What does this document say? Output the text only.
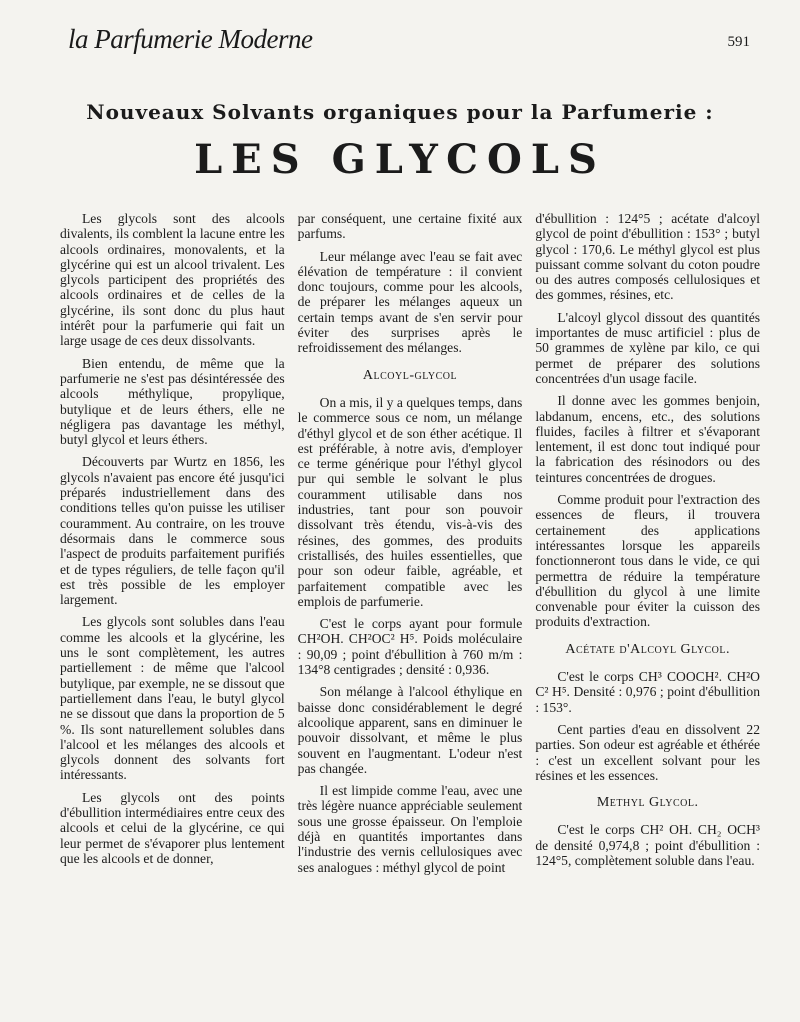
la Parfumerie Moderne	591
Nouveaux Solvants organiques pour la Parfumerie :
LES GLYCOLS

Les glycols sont des alcools divalents, ils comblent la lacune entre les alcools ordinaires, monovalents, et la glycérine qui est un alcool trivalent. Les glycols participent des propriétés des alcools ordinaires et de celles de la glycérine, ils sont donc du plus haut intérêt pour la parfumerie qui fait un large usage de ces deux dissolvants.

Bien entendu, de même que la parfumerie ne s'est pas désintéressée des alcools méthylique, propylique, butylique et de leurs éthers, elle ne négligera pas davantage les méthyl, butyl glycol et leurs éthers.

Découverts par Wurtz en 1856, les glycols n'avaient pas encore été jusqu'ici préparés industriellement dans des conditions telles qu'on puisse les utiliser couramment. Au contraire, on les trouve désormais dans le commerce sous l'aspect de produits parfaitement purifiés et de types réguliers, de telle façon qu'il est très possible de les employer largement.

Les glycols sont solubles dans l'eau comme les alcools et la glycérine, les uns le sont complètement, les autres partiellement : de même que l'alcool butylique, par exemple, ne se dissout que partiellement dans l'eau, le butyl glycol ne se dissout que dans la proportion de 5 %. Ils sont naturellement solubles dans l'alcool et les mélanges des alcools et glycols donnent des solvants fort intéressants.

Les glycols ont des points d'ébullition intermédiaires entre ceux des alcools et celui de la glycérine, ce qui leur permet de s'évaporer plus lentement que les alcools et de donner,

par conséquent, une certaine fixité aux parfums.

Leur mélange avec l'eau se fait avec élévation de température : il convient donc toujours, comme pour les alcools, de préparer les mélanges aqueux un certain temps avant de s'en servir pour éviter des surprises après le refroidissement des mélanges.

Alcoyl-glycol

On a mis, il y a quelques temps, dans le commerce sous ce nom, un mélange d'éthyl glycol et de son éther acétique. Il est préférable, à notre avis, d'employer ce terme générique pour l'éthyl glycol pur qui semble le solvant le plus couramment utilisable dans nos industries, tant pour son pouvoir dissolvant très étendu, vis-à-vis des résines, des gommes, des produits cristallisés, des huiles essentielles, que pour son odeur faible, agréable, et parfaitement compatible avec les emplois de parfumerie.

C'est le corps ayant pour formule CH²OH. CH²OC² H⁵. Poids moléculaire : 90,09 ; point d'ébullition à 760 m/m : 134°8 centigrades ; densité : 0,936.

Son mélange à l'alcool éthylique en baisse donc considérablement le degré alcoolique apparent, sans en diminuer le pouvoir dissolvant, et même le plus souvent en l'augmentant. L'odeur n'est pas changée.

Il est limpide comme l'eau, avec une très légère nuance appréciable seulement sous une grosse épaisseur. On l'emploie déjà en quantités importantes dans l'industrie des vernis cellulosiques avec ses analogues : méthyl glycol de point

d'ébullition : 124°5 ; acétate d'alcoyl glycol de point d'ébullition : 153° ; butyl glycol : 170,6. Le méthyl glycol est plus puissant comme solvant du coton poudre ou des autres composés cellulosiques et des gommes, résines, etc.

L'alcoyl glycol dissout des quantités importantes de musc artificiel : plus de 50 grammes de xylène par kilo, ce qui permet de préparer des solutions concentrées d'un usage facile.

Il donne avec les gommes benjoin, labdanum, encens, etc., des solutions fluides, faciles à filtrer et s'évaporant lentement, il est donc tout indiqué pour la fabrication des résinodors ou des teintures concentrées de drogues.

Comme produit pour l'extraction des essences de fleurs, il trouvera certainement des applications intéressantes lorsque les appareils fonctionneront tous dans le vide, ce qui permettra de réduire la température d'ébullition du glycol à une limite convenable pour éviter la cuisson des produits d'extraction.

Acétate d'Alcoyl Glycol.

C'est le corps CH³ COOCH². CH²O C² H⁵. Densité : 0,976 ; point d'ébullition : 153°.

Cent parties d'eau en dissolvent 22 parties. Son odeur est agréable et éthérée : c'est un excellent solvant pour les résines et les essences.

Methyl Glycol.

C'est le corps CH² OH. CH₂ OCH³ de densité 0,974,8 ; point d'ébullition : 124°5, complètement soluble dans l'eau.
